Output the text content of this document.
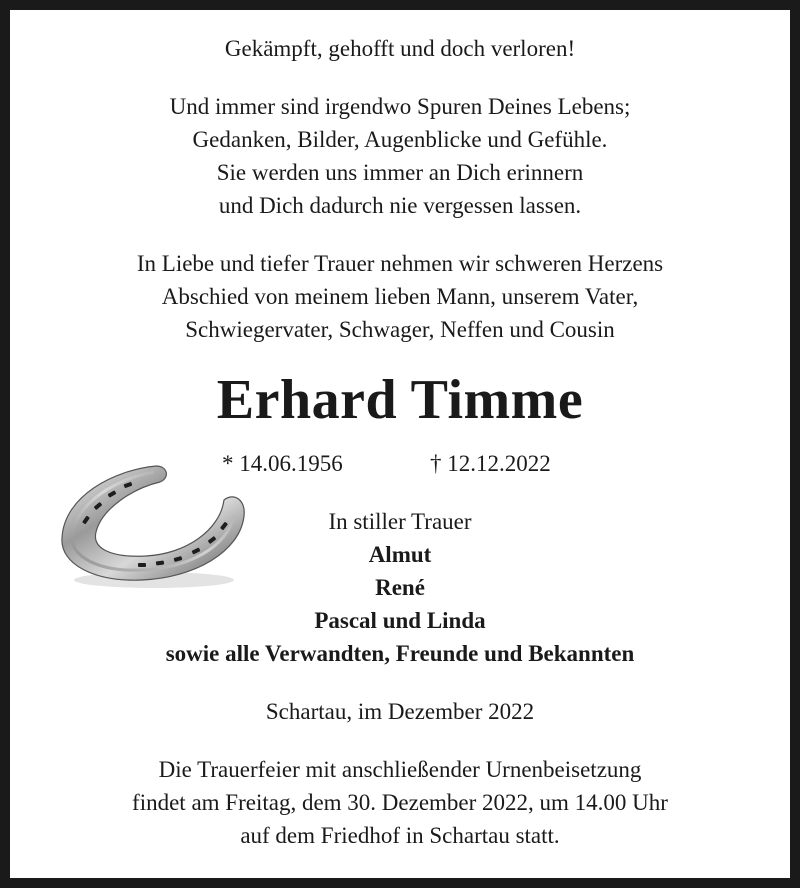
Gekämpft, gehofft und doch verloren!
Und immer sind irgendwo Spuren Deines Lebens;
Gedanken, Bilder, Augenblicke und Gefühle.
Sie werden uns immer an Dich erinnern
und Dich dadurch nie vergessen lassen.
In Liebe und tiefer Trauer nehmen wir schweren Herzens
Abschied von meinem lieben Mann, unserem Vater,
Schwiegervater, Schwager, Neffen und Cousin
Erhard Timme
* 14.06.1956	† 12.12.2022
In stiller Trauer
Almut
René
Pascal und Linda
sowie alle Verwandten, Freunde und Bekannten
Schartau, im Dezember 2022
Die Trauerfeier mit anschließender Urnenbeisetzung
findet am Freitag, dem 30. Dezember 2022, um 14.00 Uhr
auf dem Friedhof in Schartau statt.
